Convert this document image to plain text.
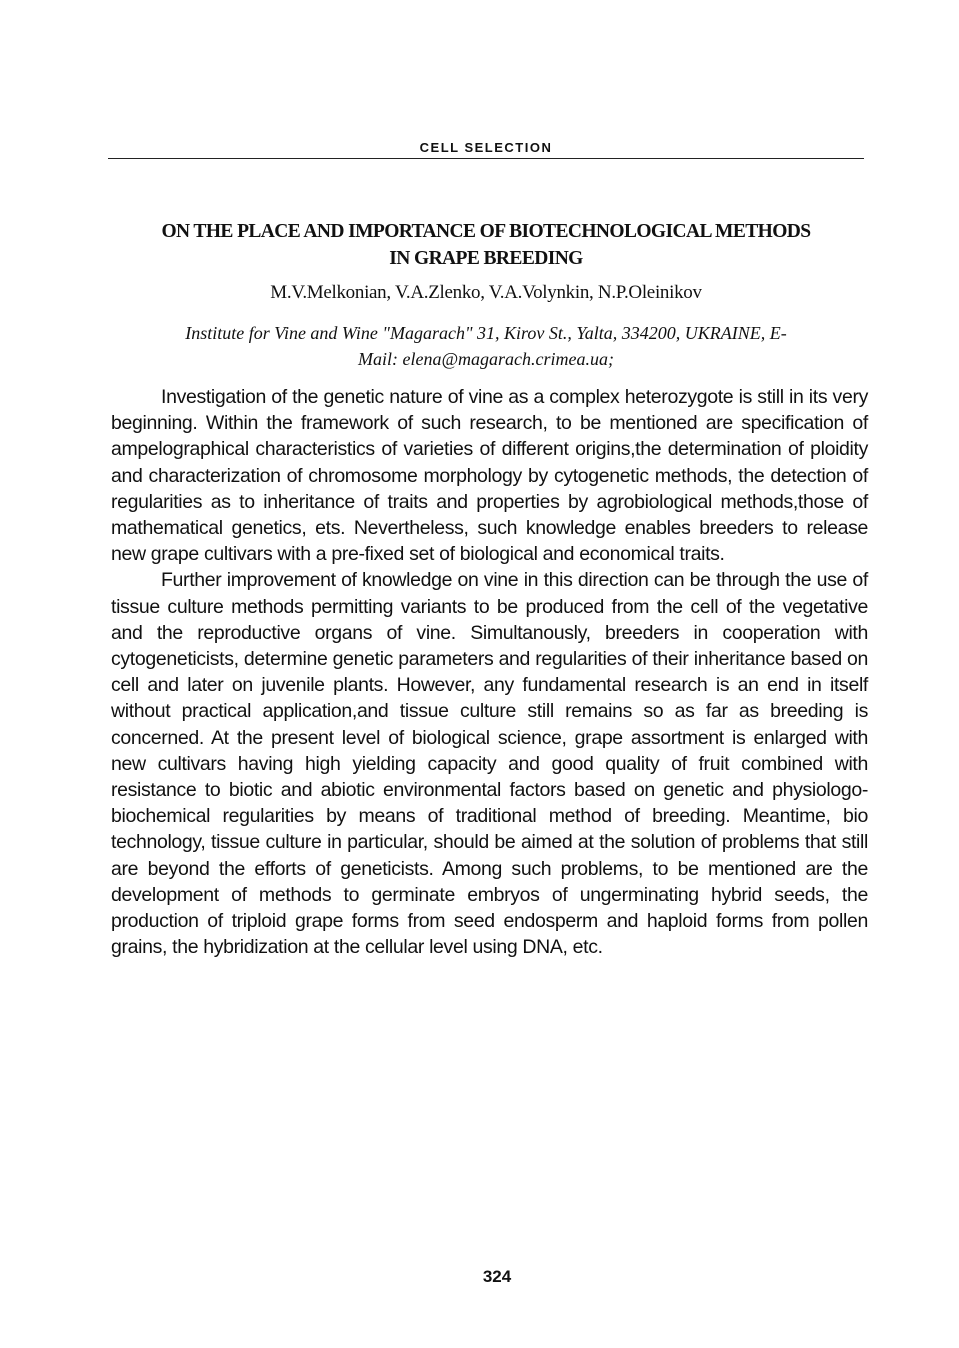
CELL SELECTION
ON THE PLACE AND IMPORTANCE OF BIOTECHNOLOGICAL METHODS
IN GRAPE BREEDING
M.V.Melkonian, V.A.Zlenko, V.A.Volynkin, N.P.Oleinikov
Institute for Vine and Wine "Magarach" 31, Kirov St., Yalta, 334200, UKRAINE, E-
Mail: elena@magarach.crimea.ua;

Investigation of the genetic nature of vine as a complex heterozygote is still in its very beginning. Within the framework of such research, to be mentioned are specification of ampelographical characteristics of varieties of different origins,the determination of ploidity and characterization of chromosome morphology by cytogenetic methods, the detection of regularities as to inheritance of traits and properties by agrobiological methods,those of mathematical genetics, ets. Nevertheless, such knowledge enables breeders to release new grape cultivars with a pre-fixed set of biological and economical traits.

Further improvement of knowledge on vine in this direction can be through the use of tissue culture methods permitting variants to be produced from the cell of the vegetative and the reproductive organs of vine. Simultanously, breeders in cooperation with cytogeneticists, determine genetic parameters and regularities of their inheritance based on cell and later on juvenile plants. However, any fundamental research is an end in itself without practical application,and tissue culture still remains so as far as breeding is concerned. At the present level of biological science, grape assortment is enlarged with new cultivars having high yielding capacity and good quality of fruit combined with resistance to biotic and abiotic environmental factors based on genetic and physiologo-biochemical regularities by means of traditional method of breeding. Meantime, bio technology, tissue culture in particular, should be aimed at the solution of problems that still are beyond the efforts of geneticists. Among such problems, to be mentioned are the development of methods to germinate embryos of ungerminating hybrid seeds, the production of triploid grape forms from seed endosperm and haploid forms from pollen grains, the hybridization at the cellular level using DNA, etc.

324
